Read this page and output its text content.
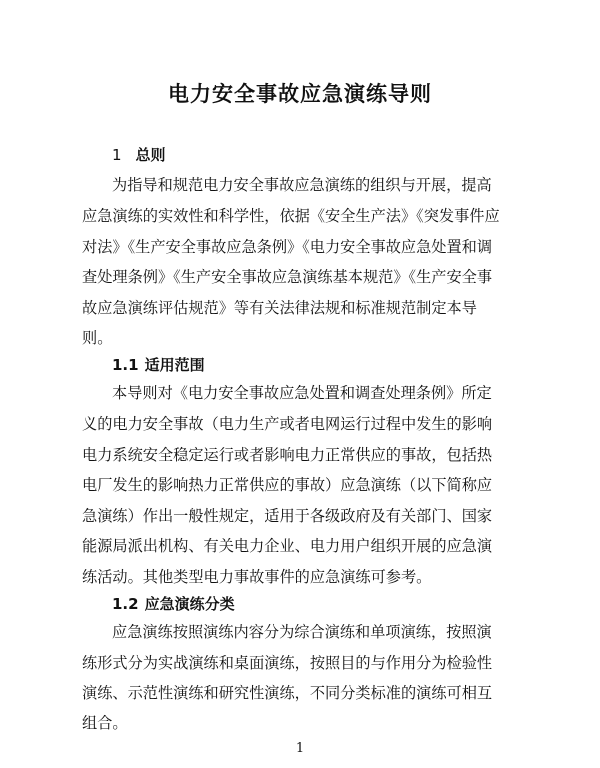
电力安全事故应急演练导则
1 总则
为指导和规范电力安全事故应急演练的组织与开展，提高
应急演练的实效性和科学性，依据《安全生产法》《突发事件应
对法》《生产安全事故应急条例》《电力安全事故应急处置和调
查处理条例》《生产安全事故应急演练基本规范》《生产安全事
故应急演练评估规范》等有关法律法规和标准规范制定本导
则。
1.1 适用范围
本导则对《电力安全事故应急处置和调查处理条例》所定
义的电力安全事故（电力生产或者电网运行过程中发生的影响
电力系统安全稳定运行或者影响电力正常供应的事故，包括热
电厂发生的影响热力正常供应的事故）应急演练（以下简称应
急演练）作出一般性规定，适用于各级政府及有关部门、国家
能源局派出机构、有关电力企业、电力用户组织开展的应急演
练活动。其他类型电力事故事件的应急演练可参考。
1.2 应急演练分类
应急演练按照演练内容分为综合演练和单项演练，按照演
练形式分为实战演练和桌面演练，按照目的与作用分为检验性
演练、示范性演练和研究性演练，不同分类标准的演练可相互
组合。
1
